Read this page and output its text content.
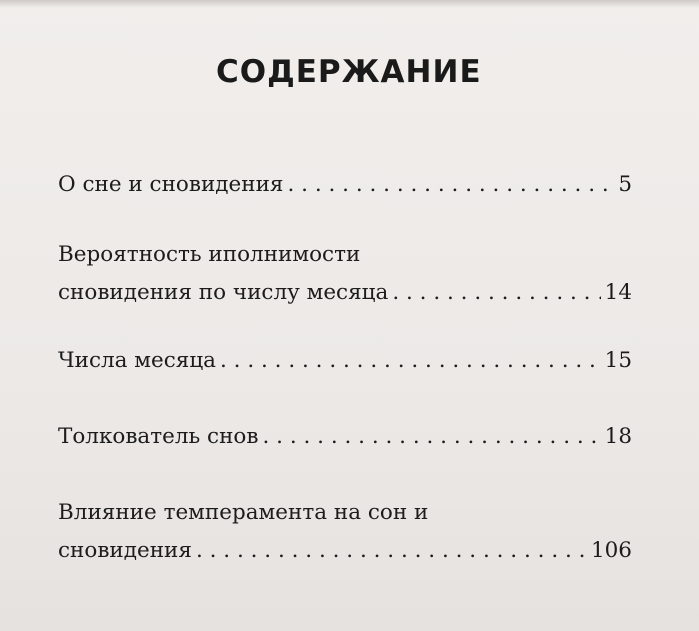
СОДЕРЖАНИЕ
О сне и сновидения . . .	5
Вероятность иполнимости
сновидения по числу месяца . . .	14
Числа месяца . . .	15
Толкователь снов . . .	18
Влияние темперамента на сон и
сновидения . . .	106
